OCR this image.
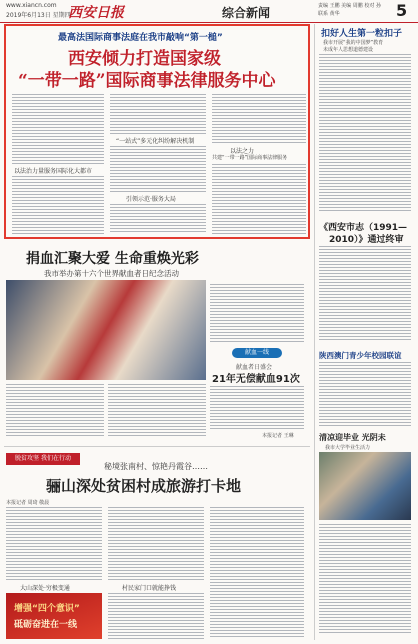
www.xiancn.com
2019年6月13日 星期四
西安日报	综合新闻	责编 王鹏 美编 周鹏 校对 孙
联系 黄华	5
最高法国际商事法庭在我市敲响“第一槌”
西安倾力打造国家级
“一带一路”国际商事法律服务中心
以法治力量服务国际化大都市
“一站式”多元化纠纷解决机制
引领示范·服务大局
以法之力
共建“一带一路”国际商事法律服务
扣好人生第一粒扣子
我市开展“我的中国梦”教育
未成年人思想道德建设
《西安市志（1991—
2010）》通过终审
陕西澳门青少年校园联谊
清凉迎毕业 光阴未
我市大学毕业生活力
捐血汇聚大爱 生命重焕光彩
我市举办第十六个世界献血者日纪念活动
献血一线
献血者日盛会
21年无偿献血91次
本报记者 王琳
脱贫攻坚 我们在行动
秘境张南村、惊艳丹霞谷……
骊山深处贫困村成旅游打卡地
本报记者 周琦 敬晨
大山深处·穷极变通	村民家门口就能挣钱
增强“四个意识”
砥砺奋进在一线
